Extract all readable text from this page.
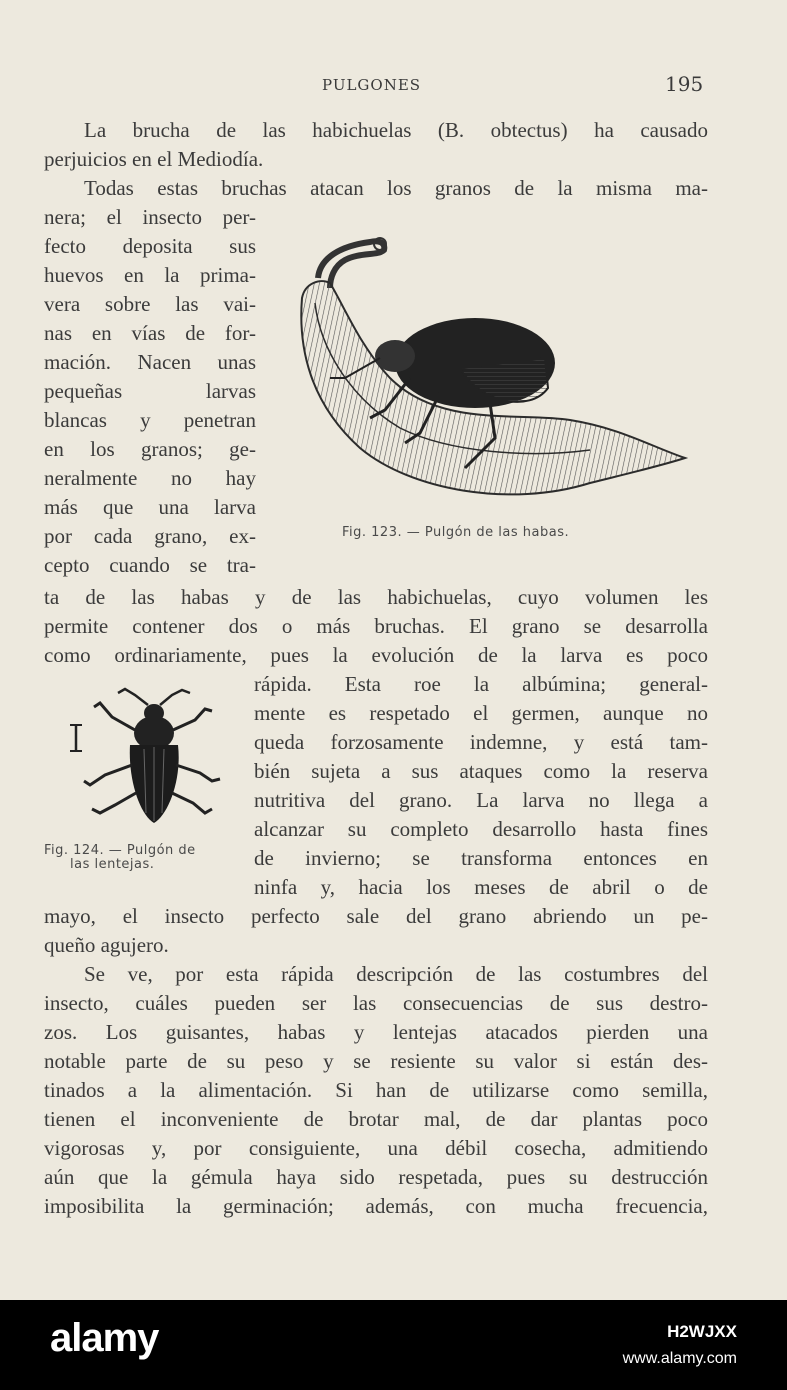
PULGONES	195
La brucha de las habichuelas (B. obtectus) ha causado
perjuicios en el Mediodía.
Todas estas bruchas atacan los granos de la misma ma-
nera; el insecto per-
fecto deposita sus
huevos en la prima-
vera sobre las vai-
nas en vías de for-
mación. Nacen unas
pequeñas larvas
blancas y penetran
en los granos; ge-
neralmente no hay
más que una larva
por cada grano, ex-
cepto cuando se tra-
Fig. 123. — Pulgón de las habas.
ta de las habas y de las habichuelas, cuyo volumen les
permite contener dos o más bruchas. El grano se desarrolla
como ordinariamente, pues la evolución de la larva es poco
Fig. 124. — Pulgón de
las lentejas.
rápida. Esta roe la albúmina; general-
mente es respetado el germen, aunque no
queda forzosamente indemne, y está tam-
bién sujeta a sus ataques como la reserva
nutritiva del grano. La larva no llega a
alcanzar su completo desarrollo hasta fines
de invierno; se transforma entonces en
ninfa y, hacia los meses de abril o de
mayo, el insecto perfecto sale del grano abriendo un pe-
queño agujero.
Se ve, por esta rápida descripción de las costumbres del
insecto, cuáles pueden ser las consecuencias de sus destro-
zos. Los guisantes, habas y lentejas atacados pierden una
notable parte de su peso y se resiente su valor si están des-
tinados a la alimentación. Si han de utilizarse como semilla,
tienen el inconveniente de brotar mal, de dar plantas poco
vigorosas y, por consiguiente, una débil cosecha, admitiendo
aún que la gémula haya sido respetada, pues su destrucción
imposibilita la germinación; además, con mucha frecuencia,
alamy	H2WJXX
www.alamy.com
